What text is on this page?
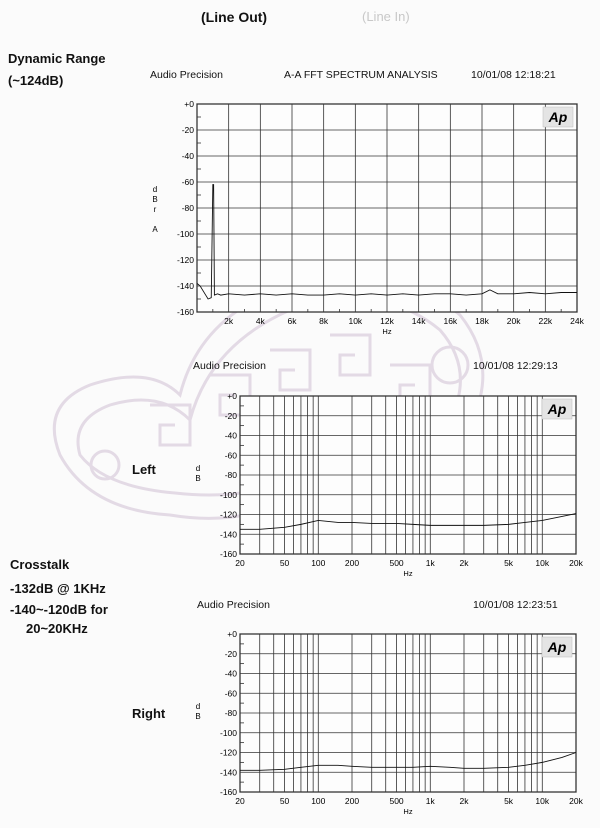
(Line Out)	(Line In)
Dynamic Range
(~124dB)
Crosstalk
-132dB @ 1KHz
-140~-120dB for
20~20KHz
Audio Precision	A-A FFT SPECTRUM ANALYSIS	10/01/08 12:18:21
Audio Precision	10/01/08 12:29:13
Left
Audio Precision	10/01/08 12:23:51
Right
+0
-20
-40
-60
-80
-100
-120
-140
-160
2k	4k	6k	8k 10k 12k 14k 16k 18k 20k 22k 24k
Hz
d
B
r
A
Ap
+0
-20
-40
-60
-80
-100
-120
-140
-160
20	50	100 200	500	1k	2k	5k	10k 20k
Hz
d
B
Ap
+0
-20
-40
-60
-80
-100
-120
-140
-160
20	50	100 200	500	1k	2k	5k	10k 20k
Hz
d
B
Ap
